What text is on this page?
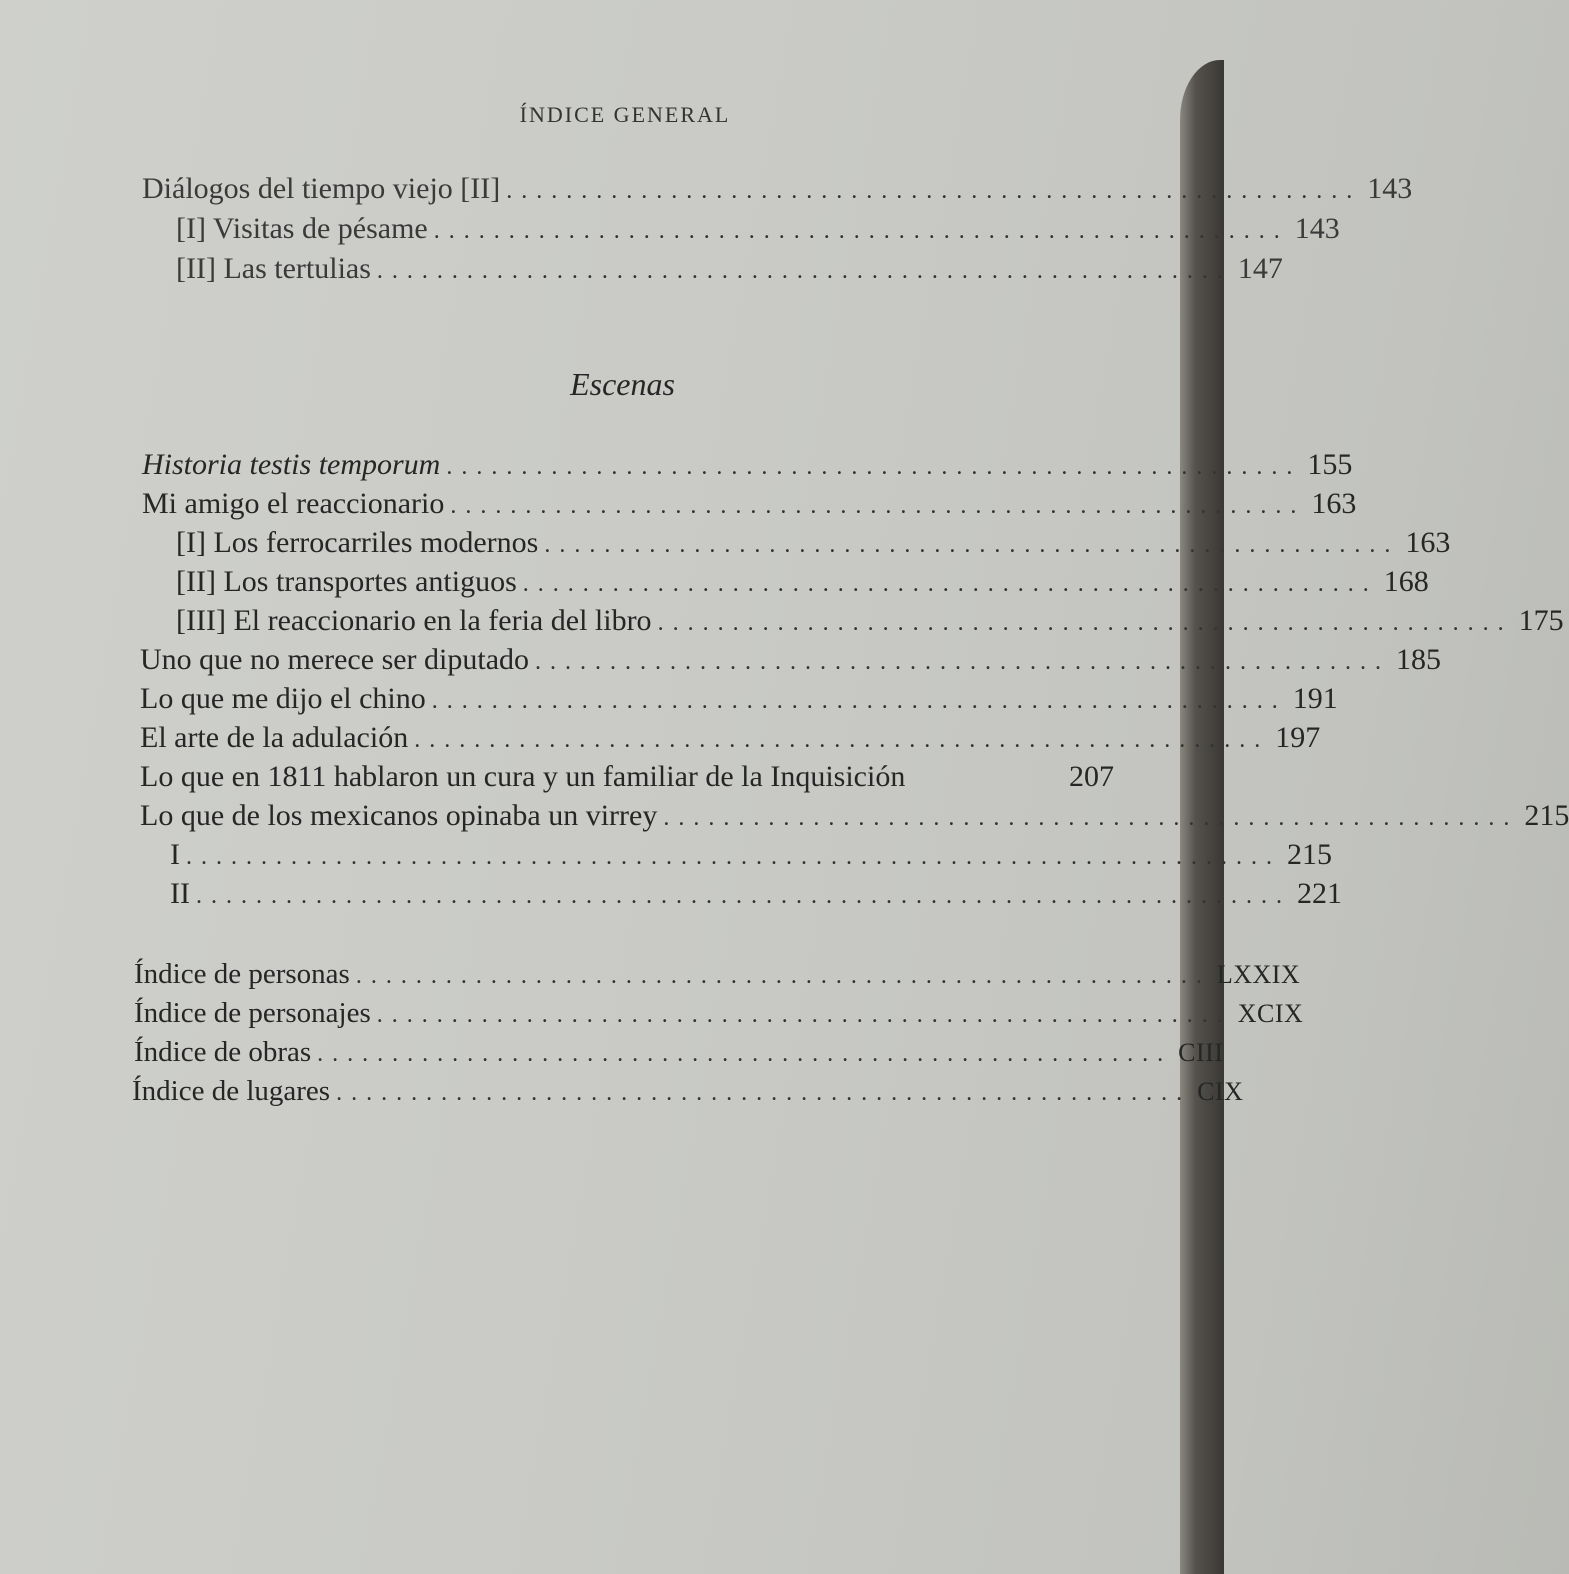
ÍNDICE GENERAL
Diálogos del tiempo viejo [II] ......................................................... 143
[I] Visitas de pésame ......................................................... 143
[II] Las tertulias ......................................................... 147
Escenas
Historia testis temporum ......................................................... 155
Mi amigo el reaccionario ......................................................... 163
[I] Los ferrocarriles modernos ......................................................... 163
[II] Los transportes antiguos ......................................................... 168
[III] El reaccionario en la feria del libro ......................................................... 175
Uno que no merece ser diputado ......................................................... 185
Lo que me dijo el chino ......................................................... 191
El arte de la adulación ......................................................... 197
Lo que en 1811 hablaron un cura y un familiar de la Inquisición	207
Lo que de los mexicanos opinaba un virrey ......................................................... 215
I ......................................................................... 215
II ......................................................................... 221
Índice de personas ......................................................... LXXIX
Índice de personajes ......................................................... XCIX
Índice de obras ......................................................... CIII
Índice de lugares ......................................................... CIX
